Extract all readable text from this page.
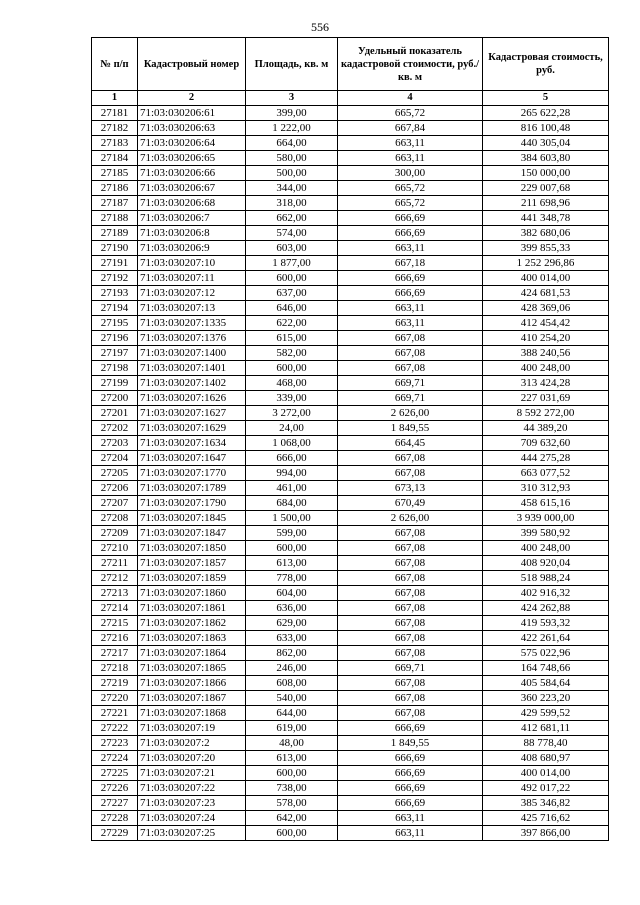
556
№ п/п	Кадастровый номер	Площадь, кв. м	Удельный показатель кадастровой стоимости, руб./кв. м	Кадастровая стоимость, руб.
1	2	3	4	5
27181	71:03:030206:61	399,00	665,72	265 622,28
27182	71:03:030206:63	1 222,00	667,84	816 100,48
27183	71:03:030206:64	664,00	663,11	440 305,04
27184	71:03:030206:65	580,00	663,11	384 603,80
27185	71:03:030206:66	500,00	300,00	150 000,00
27186	71:03:030206:67	344,00	665,72	229 007,68
27187	71:03:030206:68	318,00	665,72	211 698,96
27188	71:03:030206:7	662,00	666,69	441 348,78
27189	71:03:030206:8	574,00	666,69	382 680,06
27190	71:03:030206:9	603,00	663,11	399 855,33
27191	71:03:030207:10	1 877,00	667,18	1 252 296,86
27192	71:03:030207:11	600,00	666,69	400 014,00
27193	71:03:030207:12	637,00	666,69	424 681,53
27194	71:03:030207:13	646,00	663,11	428 369,06
27195	71:03:030207:1335	622,00	663,11	412 454,42
27196	71:03:030207:1376	615,00	667,08	410 254,20
27197	71:03:030207:1400	582,00	667,08	388 240,56
27198	71:03:030207:1401	600,00	667,08	400 248,00
27199	71:03:030207:1402	468,00	669,71	313 424,28
27200	71:03:030207:1626	339,00	669,71	227 031,69
27201	71:03:030207:1627	3 272,00	2 626,00	8 592 272,00
27202	71:03:030207:1629	24,00	1 849,55	44 389,20
27203	71:03:030207:1634	1 068,00	664,45	709 632,60
27204	71:03:030207:1647	666,00	667,08	444 275,28
27205	71:03:030207:1770	994,00	667,08	663 077,52
27206	71:03:030207:1789	461,00	673,13	310 312,93
27207	71:03:030207:1790	684,00	670,49	458 615,16
27208	71:03:030207:1845	1 500,00	2 626,00	3 939 000,00
27209	71:03:030207:1847	599,00	667,08	399 580,92
27210	71:03:030207:1850	600,00	667,08	400 248,00
27211	71:03:030207:1857	613,00	667,08	408 920,04
27212	71:03:030207:1859	778,00	667,08	518 988,24
27213	71:03:030207:1860	604,00	667,08	402 916,32
27214	71:03:030207:1861	636,00	667,08	424 262,88
27215	71:03:030207:1862	629,00	667,08	419 593,32
27216	71:03:030207:1863	633,00	667,08	422 261,64
27217	71:03:030207:1864	862,00	667,08	575 022,96
27218	71:03:030207:1865	246,00	669,71	164 748,66
27219	71:03:030207:1866	608,00	667,08	405 584,64
27220	71:03:030207:1867	540,00	667,08	360 223,20
27221	71:03:030207:1868	644,00	667,08	429 599,52
27222	71:03:030207:19	619,00	666,69	412 681,11
27223	71:03:030207:2	48,00	1 849,55	88 778,40
27224	71:03:030207:20	613,00	666,69	408 680,97
27225	71:03:030207:21	600,00	666,69	400 014,00
27226	71:03:030207:22	738,00	666,69	492 017,22
27227	71:03:030207:23	578,00	666,69	385 346,82
27228	71:03:030207:24	642,00	663,11	425 716,62
27229	71:03:030207:25	600,00	663,11	397 866,00
